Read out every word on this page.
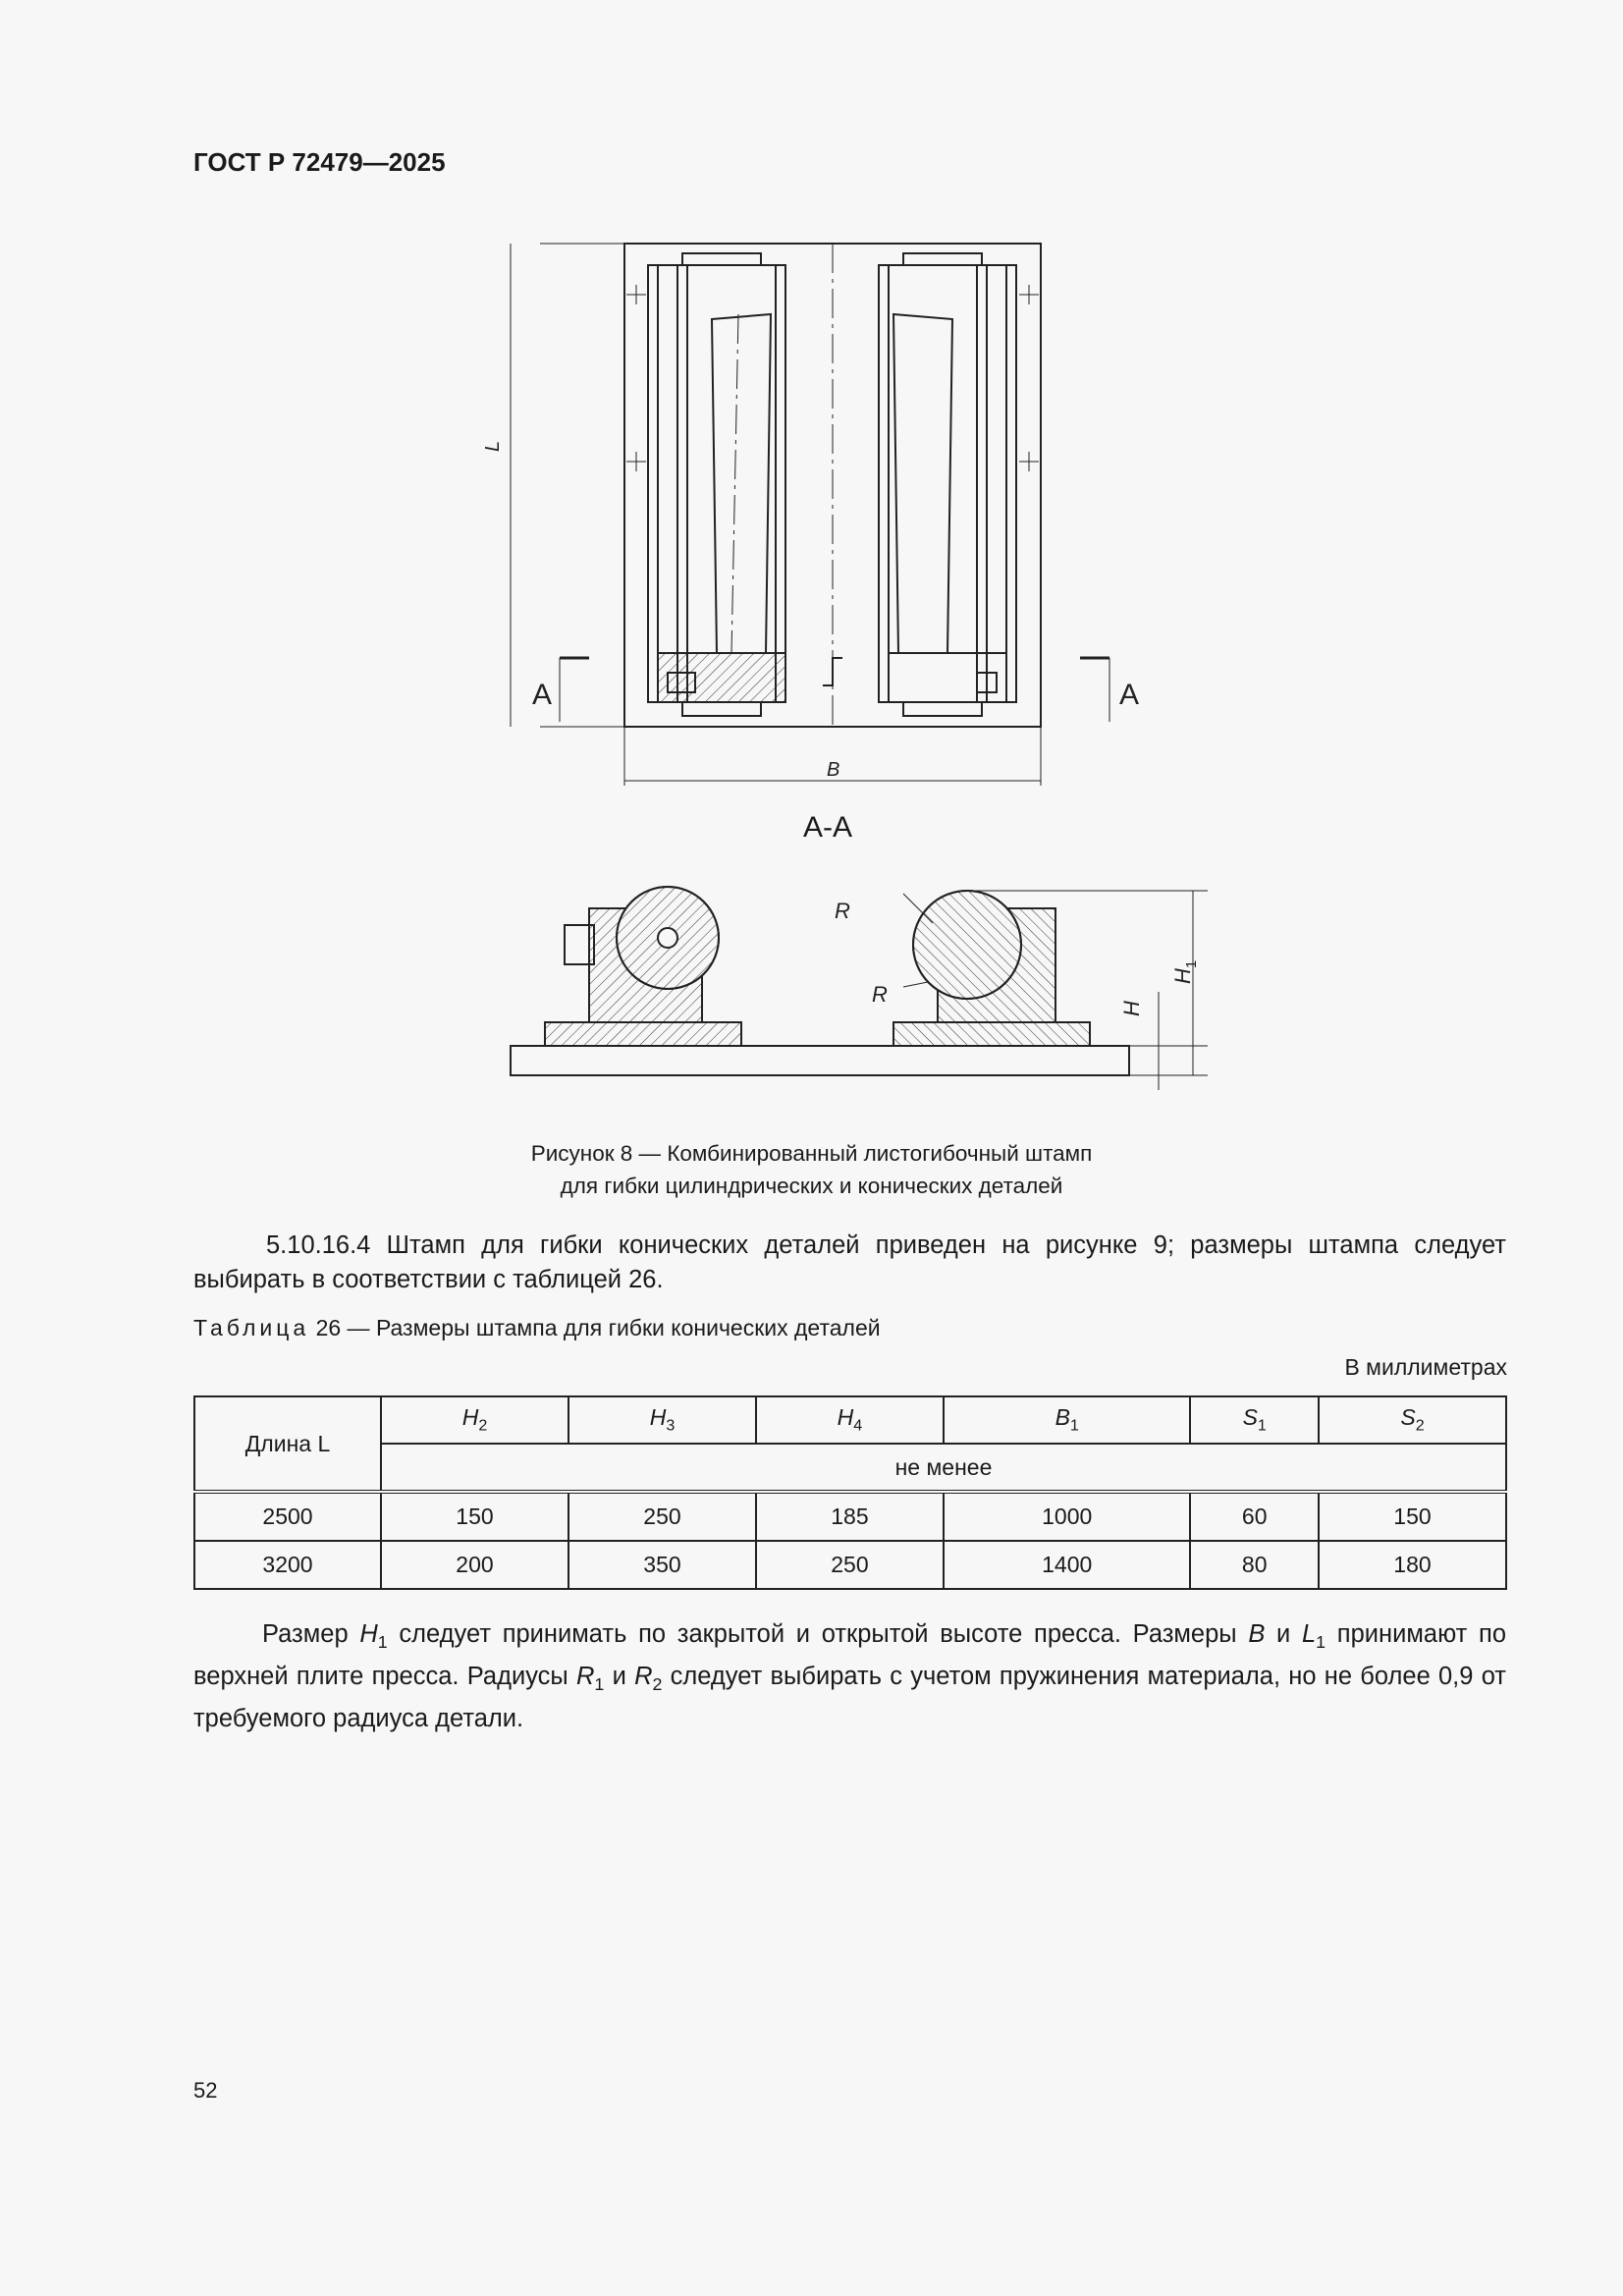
ГОСТ Р 72479—2025
L
B
А	А
R
R
H
$H_1$
А-А
Рисунок 8 — Комбинированный листогибочный штамп
для гибки цилиндрических и конических деталей
5.10.16.4 Штамп для гибки конических деталей приведен на рисунке 9; размеры штампа следует выбирать в соответствии с таблицей 26.
Таблица 26 — Размеры штампа для гибки конических деталей
В миллиметрах
Длина L	$H_2$	$H_3$	$H_4$	$B_1$	$S_1$	$S_2$
	не менее					
2500	150	250	185	1000	60	150
3200	200	350	250	1400	80	180
Размер $H_1$ следует принимать по закрытой и открытой высоте пресса. Размеры B и $L_1$ принимают по верхней плите пресса. Радиусы $R_1$ и $R_2$ следует выбирать с учетом пружинения материала, но не более 0,9 от требуемого радиуса детали.
52
